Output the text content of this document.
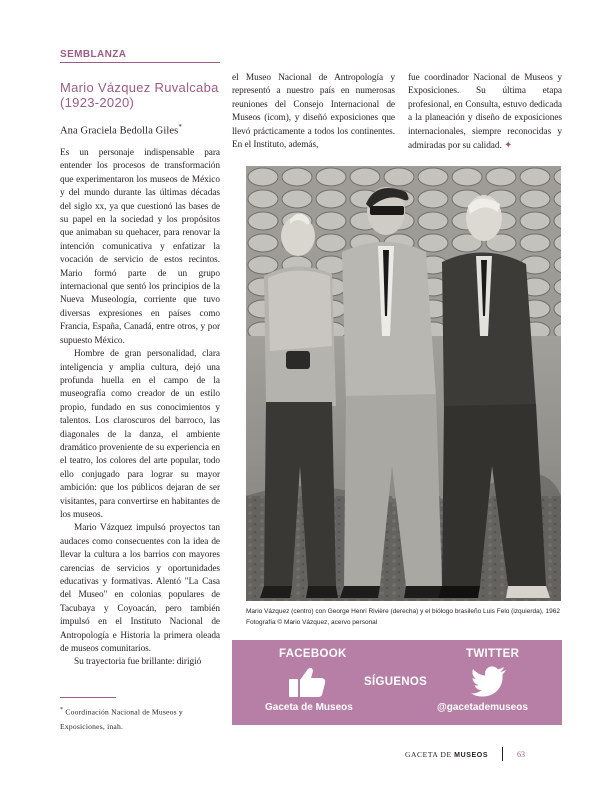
SEMBLANZA
Mario Vázquez Ruvalcaba
(1923-2020)
Ana Graciela Bedolla Giles*

Es un personaje indispensable para entender los procesos de transformación que experimentaron los museos de México y del mundo durante las últimas décadas del siglo xx, ya que cuestionó las bases de su papel en la sociedad y los propósitos que animaban su quehacer, para renovar la intención comunicativa y enfatizar la vocación de servicio de estos recintos. Mario formó parte de un grupo internacional que sentó los principios de la Nueva Museología, corriente que tuvo diversas expresiones en países como Francia, España, Canadá, entre otros, y por supuesto México.

Hombre de gran personalidad, clara inteligencia y amplia cultura, dejó una profunda huella en el campo de la museografía como creador de un estilo propio, fundado en sus conocimientos y talentos. Los claroscuros del barroco, las diagonales de la danza, el ambiente dramático proveniente de su experiencia en el teatro, los colores del arte popular, todo ello conjugado para lograr su mayor ambición: que los públicos dejaran de ser visitantes, para convertirse en habitantes de los museos.

Mario Vázquez impulsó proyectos tan audaces como consecuentes con la idea de llevar la cultura a los barrios con mayores carencias de servicios y oportunidades educativas y formativas. Alentó "La Casa del Museo" en colonias populares de Tacubaya y Coyoacán, pero también impulsó en el Instituto Nacional de Antropología e Historia la primera oleada de museos comunitarios.

Su trayectoria fue brillante: dirigió

el Museo Nacional de Antropología y representó a nuestro país en numerosas reuniones del Consejo Internacional de Museos (icom), y diseñó exposiciones que llevó prácticamente a todos los continentes. En el Instituto, además,

fue coordinador Nacional de Museos y Exposiciones. Su última etapa profesional, en Consulta, estuvo dedicada a la planeación y diseño de exposiciones internacionales, siempre reconocidas y admiradas por su calidad. ✦

* Coordinación Nacional de Museos y Exposiciones, inah.
Mario Vázquez (centro) con George Henri Rivière (derecha) y el biólogo brasileño Luis Felo (izquierda), 1962
Fotografía © Mario Vázquez, acervo personal
FACEBOOK	TWITTER
SÍGUENOS
Gaceta de Museos	@gacetademuseos
GACETA DE MUSEOS	63
